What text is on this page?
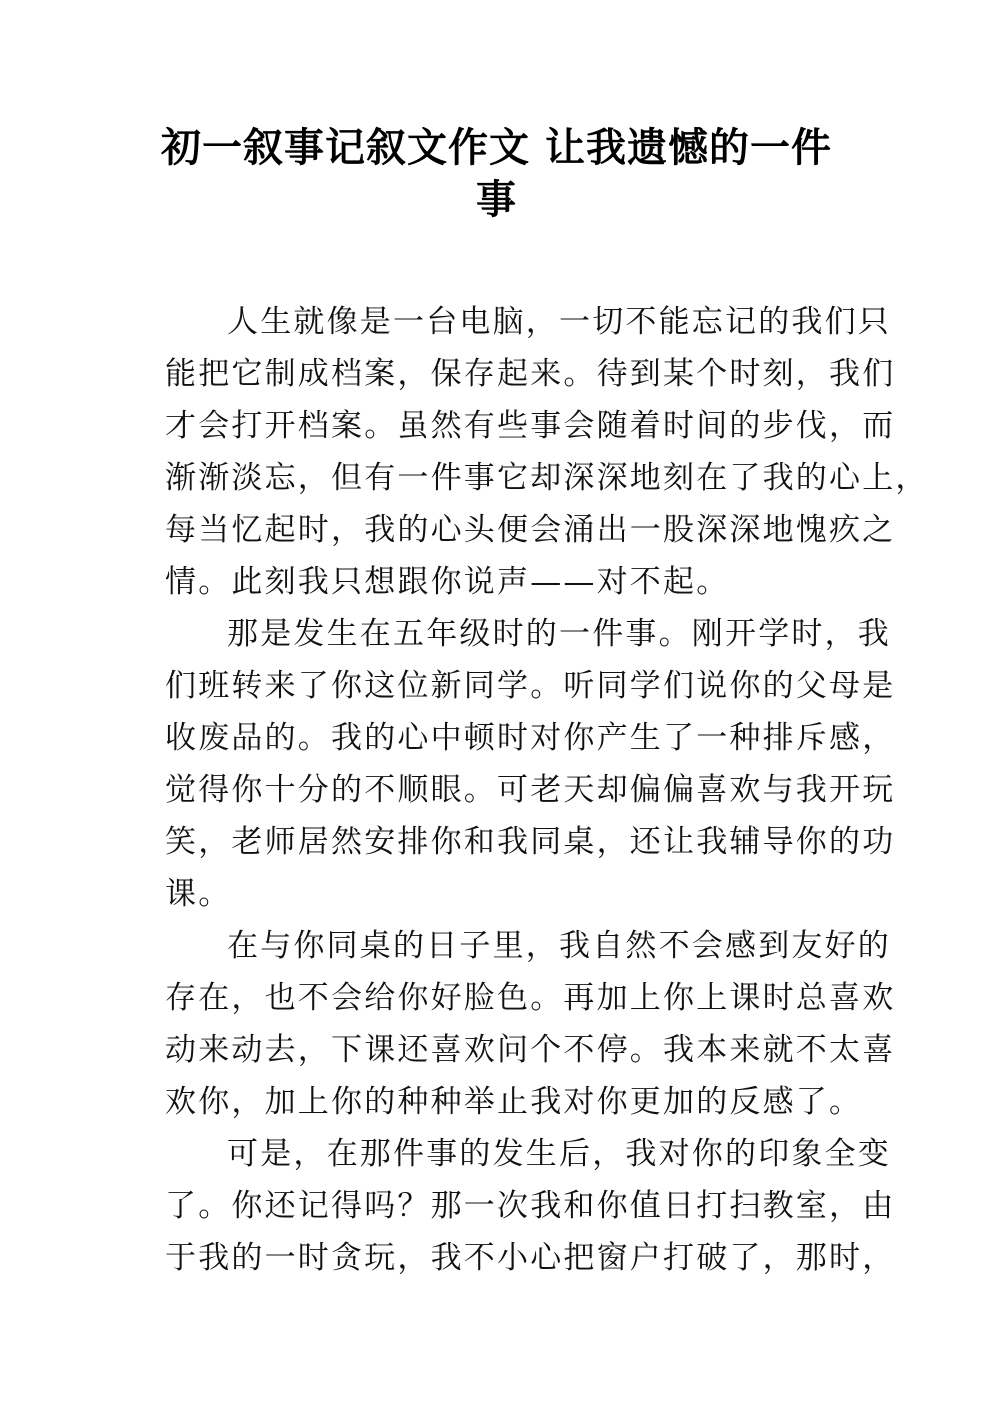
初一叙事记叙文作文 让我遗憾的一件
事
人生就像是一台电脑，一切不能忘记的我们只
能把它制成档案，保存起来。待到某个时刻，我们
才会打开档案。虽然有些事会随着时间的步伐，而
渐渐淡忘，但有一件事它却深深地刻在了我的心上，
每当忆起时，我的心头便会涌出一股深深地愧疚之
情。此刻我只想跟你说声——对不起。
那是发生在五年级时的一件事。刚开学时，我
们班转来了你这位新同学。听同学们说你的父母是
收废品的。我的心中顿时对你产生了一种排斥感，
觉得你十分的不顺眼。可老天却偏偏喜欢与我开玩
笑，老师居然安排你和我同桌，还让我辅导你的功
课。
在与你同桌的日子里，我自然不会感到友好的
存在，也不会给你好脸色。再加上你上课时总喜欢
动来动去，下课还喜欢问个不停。我本来就不太喜
欢你，加上你的种种举止我对你更加的反感了。
可是，在那件事的发生后，我对你的印象全变
了。你还记得吗？那一次我和你值日打扫教室，由
于我的一时贪玩，我不小心把窗户打破了，那时，
